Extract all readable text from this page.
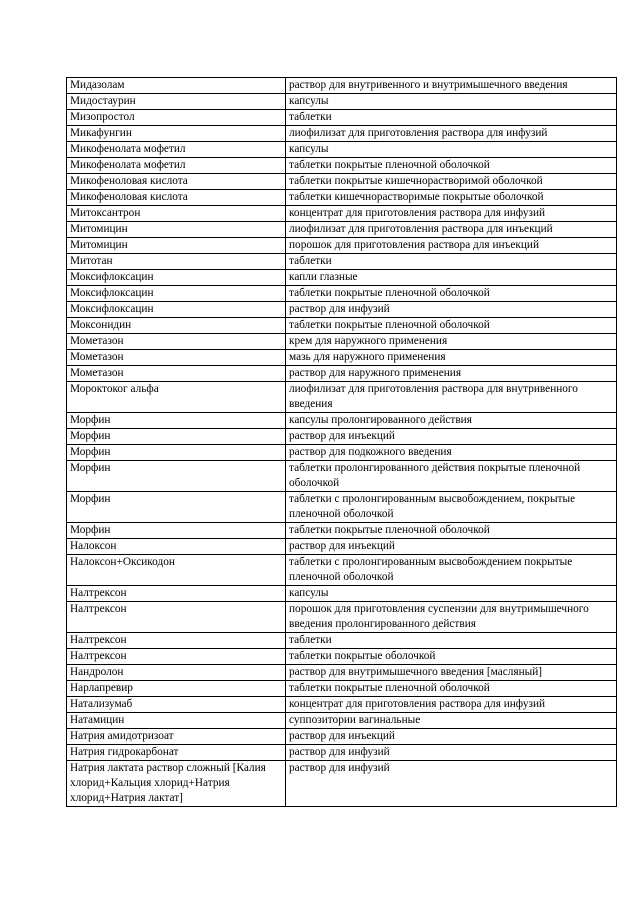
Мидазолам	раствор для внутривенного и внутримышечного введения
Мидостаурин	капсулы
Мизопростол	таблетки
Микафунгин	лиофилизат для приготовления раствора для инфузий
Микофенолата мофетил	капсулы
Микофенолата мофетил	таблетки покрытые пленочной оболочкой
Микофеноловая кислота	таблетки покрытые кишечнорастворимой оболочкой
Микофеноловая кислота	таблетки кишечнорастворимые покрытые оболочкой
Митоксантрон	концентрат для приготовления раствора для инфузий
Митомицин	лиофилизат для приготовления раствора для инъекций
Митомицин	порошок для приготовления раствора для инъекций
Митотан	таблетки
Моксифлоксацин	капли глазные
Моксифлоксацин	таблетки покрытые пленочной оболочкой
Моксифлоксацин	раствор для инфузий
Моксонидин	таблетки покрытые пленочной оболочкой
Мометазон	крем для наружного применения
Мометазон	мазь для наружного применения
Мометазон	раствор для наружного применения
Мороктоког альфа	лиофилизат для приготовления раствора для внутривенного введения
Морфин	капсулы пролонгированного действия
Морфин	раствор для инъекций
Морфин	раствор для подкожного введения
Морфин	таблетки пролонгированного действия покрытые пленочной оболочкой
Морфин	таблетки с пролонгированным высвобождением, покрытые пленочной оболочкой
Морфин	таблетки покрытые пленочной оболочкой
Налоксон	раствор для инъекций
Налоксон+Оксикодон	таблетки с пролонгированным высвобождением покрытые пленочной оболочкой
Налтрексон	капсулы
Налтрексон	порошок для приготовления суспензии для внутримышечного введения пролонгированного действия
Налтрексон	таблетки
Налтрексон	таблетки покрытые оболочкой
Нандролон	раствор для внутримышечного введения [масляный]
Нарлапревир	таблетки покрытые пленочной оболочкой
Натализумаб	концентрат для приготовления раствора для инфузий
Натамицин	суппозитории вагинальные
Натрия амидотризоат	раствор для инъекций
Натрия гидрокарбонат	раствор для инфузий
Натрия лактата раствор сложный [Калия хлорид+Кальция хлорид+Натрия хлорид+Натрия лактат]	раствор для инфузий
